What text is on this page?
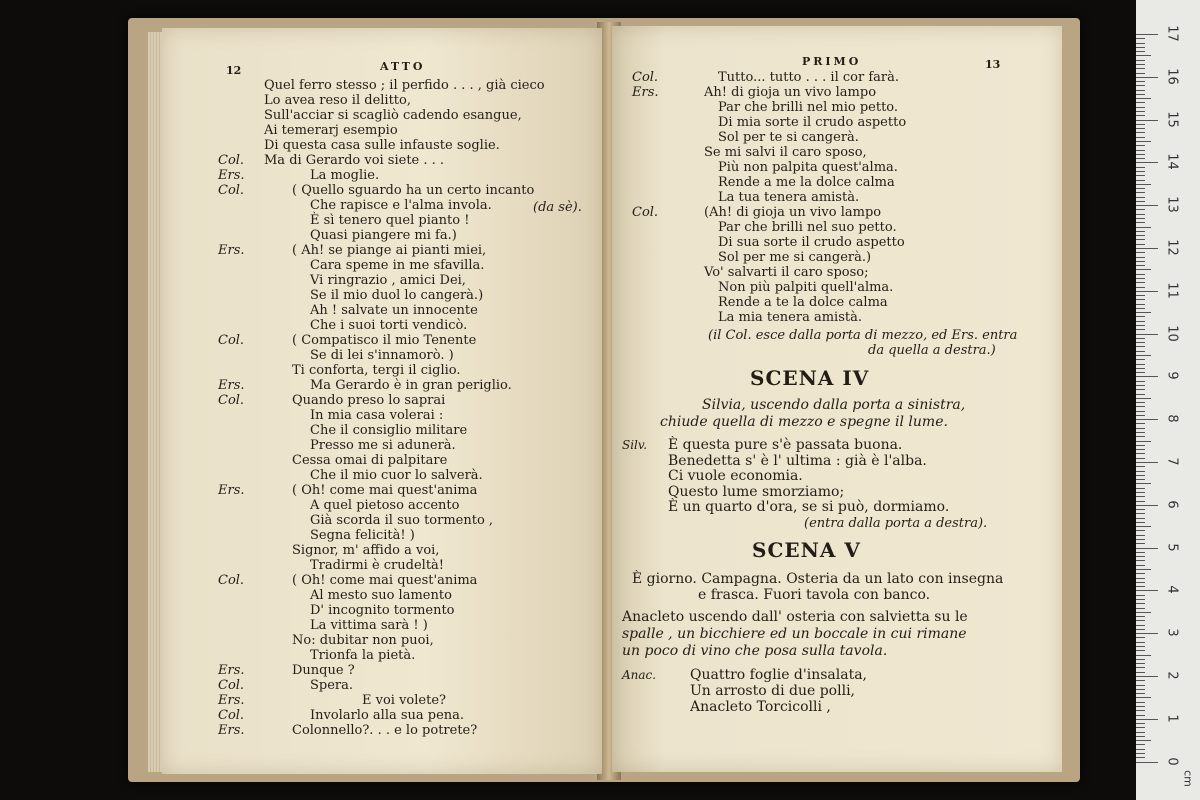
12	ATTO
Quel ferro stesso ; il perfido . . . , già cieco
Lo avea reso il delitto,
Sull'acciar si scagliò cadendo esangue,
Ai temerarj esempio
Di questa casa sulle infauste soglie.
Col. Ma di Gerardo voi siete . . .
Ers.	La moglie.
Col.	( Quello sguardo ha un certo incanto
Che rapisce e l'alma invola.
È sì tenero quel pianto !
Quasi piangere mi fa.)
Ers.	( Ah! se piange ai pianti miei,
Cara speme in me sfavilla.
Vi ringrazio , amici Dei,
Se il mio duol lo cangerà.)
Ah ! salvate un innocente
Che i suoi torti vendicò.
Col.	( Compatisco il mio Tenente
Se di lei s'innamorò. )
Ti conforta, tergi il ciglio.
Ers.	Ma Gerardo è in gran periglio.
Col.	Quando preso lo saprai
In mia casa volerai :
Che il consiglio militare
Presso me si adunerà.
Cessa omai di palpitare
Che il mio cuor lo salverà.
Ers.	( Oh! come mai quest'anima
A quel pietoso accento
Già scorda il suo tormento ,
Segna felicità! )
Signor, m' affido a voi,
Tradirmi è crudeltà!
Col.	( Oh! come mai quest'anima
Al mesto suo lamento
D' incognito tormento
La vittima sarà ! )
No: dubitar non puoi,
Trionfa la pietà.
Ers.	Dunque ?
Col.	Spera.
Ers.	E voi volete?
Col.	Involarlo alla sua pena.
Ers.	Colonnello?. . . e lo potrete?
(da sè).
PRIMO	13
Col.	Tutto... tutto . . . il cor farà.
Ers.	Ah! di gioja un vivo lampo
Par che brilli nel mio petto.
Di mia sorte il crudo aspetto
Sol per te si cangerà.
Se mi salvi il caro sposo,
Più non palpita quest'alma.
Rende a me la dolce calma
La tua tenera amistà.
Col.	(Ah! di gioja un vivo lampo
Par che brilli nel suo petto.
Di sua sorte il crudo aspetto
Sol per me si cangerà.)
Vo' salvarti il caro sposo;
Non più palpiti quell'alma.
Rende a te la dolce calma
La mia tenera amistà.
(il Col. esce dalla porta di mezzo, ed Ers. entra
da quella a destra.)
SCENA IV
Silvia, uscendo dalla porta a sinistra,
chiude quella di mezzo e spegne il lume.
Silv. È questa pure s'è passata buona.
Benedetta s' è l' ultima : già è l'alba.
Ci vuole economia.
Questo lume smorziamo;
È un quarto d'ora, se si può, dormiamo.
(entra dalla porta a destra).
SCENA V
È giorno. Campagna. Osteria da un lato con insegna
e frasca. Fuori tavola con banco.
Anacleto uscendo dall' osteria con salvietta su le
spalle , un bicchiere ed un boccale in cui rimane
un poco di vino che posa sulla tavola.
Anac. Quattro foglie d'insalata,
Un arrosto di due polli,
Anacleto Torcicolli ,
17
16
15
14
13
12
11
10
9
8
7
6
5
4
3
2
1
0
cm
